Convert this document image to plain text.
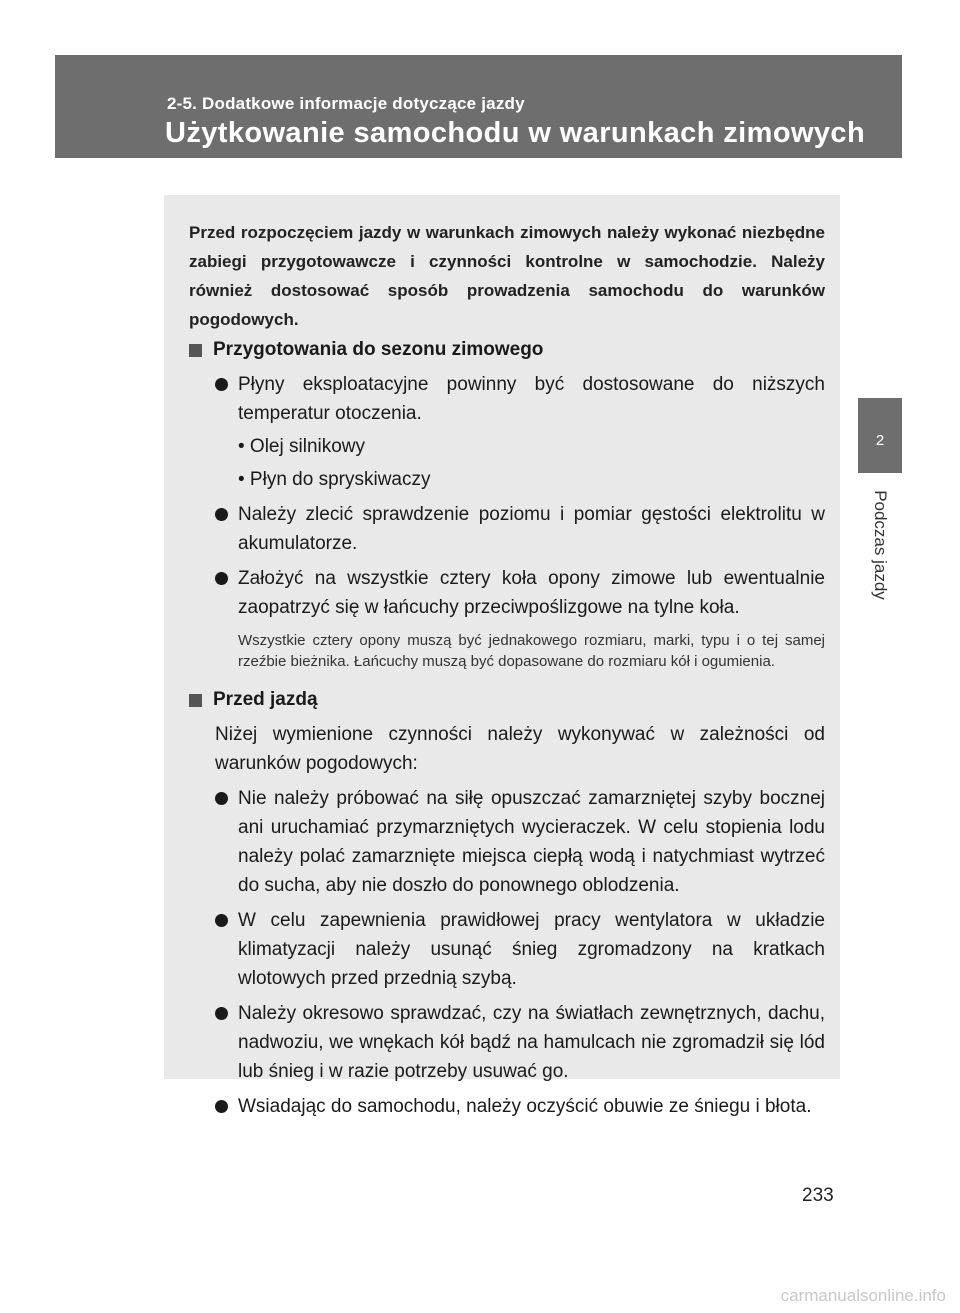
2-5. Dodatkowe informacje dotyczące jazdy
Użytkowanie samochodu w warunkach zimowych
2
Podczas jazdy

Przed rozpoczęciem jazdy w warunkach zimowych należy wykonać niezbędne zabiegi przygotowawcze i czynności kontrolne w samochodzie. Należy również dostosować sposób prowadzenia samochodu do warunków pogodowych.

Przygotowania do sezonu zimowego
Płyny eksploatacyjne powinny być dostosowane do niższych temperatur otoczenia.
• Olej silnikowy
• Płyn do spryskiwaczy
Należy zlecić sprawdzenie poziomu i pomiar gęstości elektrolitu w akumulatorze.
Założyć na wszystkie cztery koła opony zimowe lub ewentualnie zaopatrzyć się w łańcuchy przeciwpoślizgowe na tylne koła.
Wszystkie cztery opony muszą być jednakowego rozmiaru, marki, typu i o tej samej rzeźbie bieżnika. Łańcuchy muszą być dopasowane do rozmiaru kół i ogumienia.
Przed jazdą
Niżej wymienione czynności należy wykonywać w zależności od warunków pogodowych:
Nie należy próbować na siłę opuszczać zamarzniętej szyby bocznej ani uruchamiać przymarzniętych wycieraczek. W celu stopienia lodu należy polać zamarznięte miejsca ciepłą wodą i natychmiast wytrzeć do sucha, aby nie doszło do ponownego oblodzenia.
W celu zapewnienia prawidłowej pracy wentylatora w układzie klimatyzacji należy usunąć śnieg zgromadzony na kratkach wlotowych przed przednią szybą.
Należy okresowo sprawdzać, czy na światłach zewnętrznych, dachu, nadwoziu, we wnękach kół bądź na hamulcach nie zgromadził się lód lub śnieg i w razie potrzeby usuwać go.
Wsiadając do samochodu, należy oczyścić obuwie ze śniegu i błota.
233
carmanualsonline.info
